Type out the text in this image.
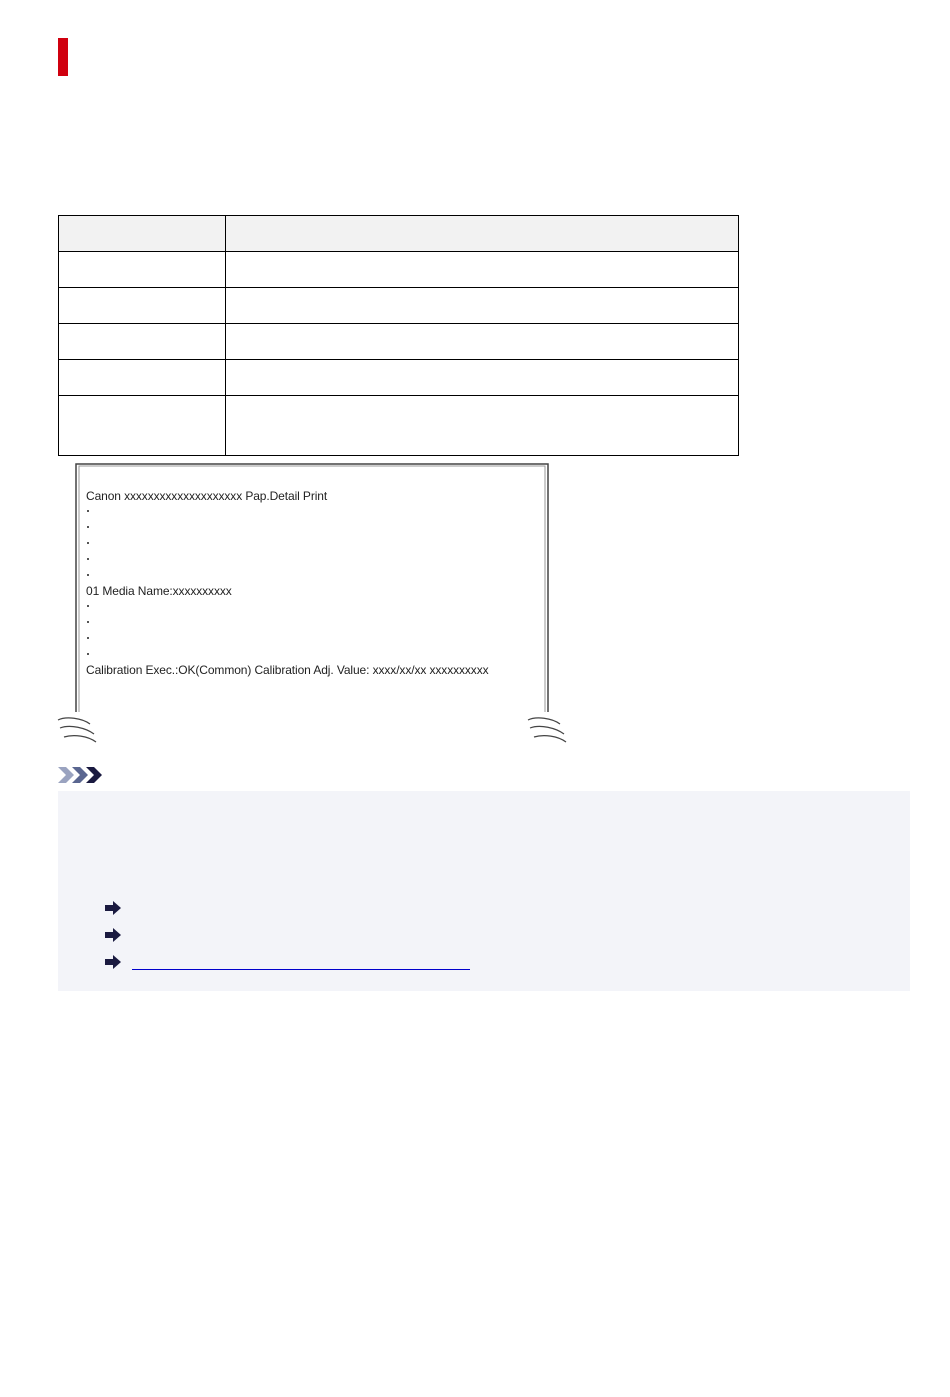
Canon xxxxxxxxxxxxxxxxxxxx Pap.Detail Print
01 Media Name:xxxxxxxxxx
Calibration Exec.:OK(Common) Calibration Adj. Value: xxxx/xx/xx xxxxxxxxxx
